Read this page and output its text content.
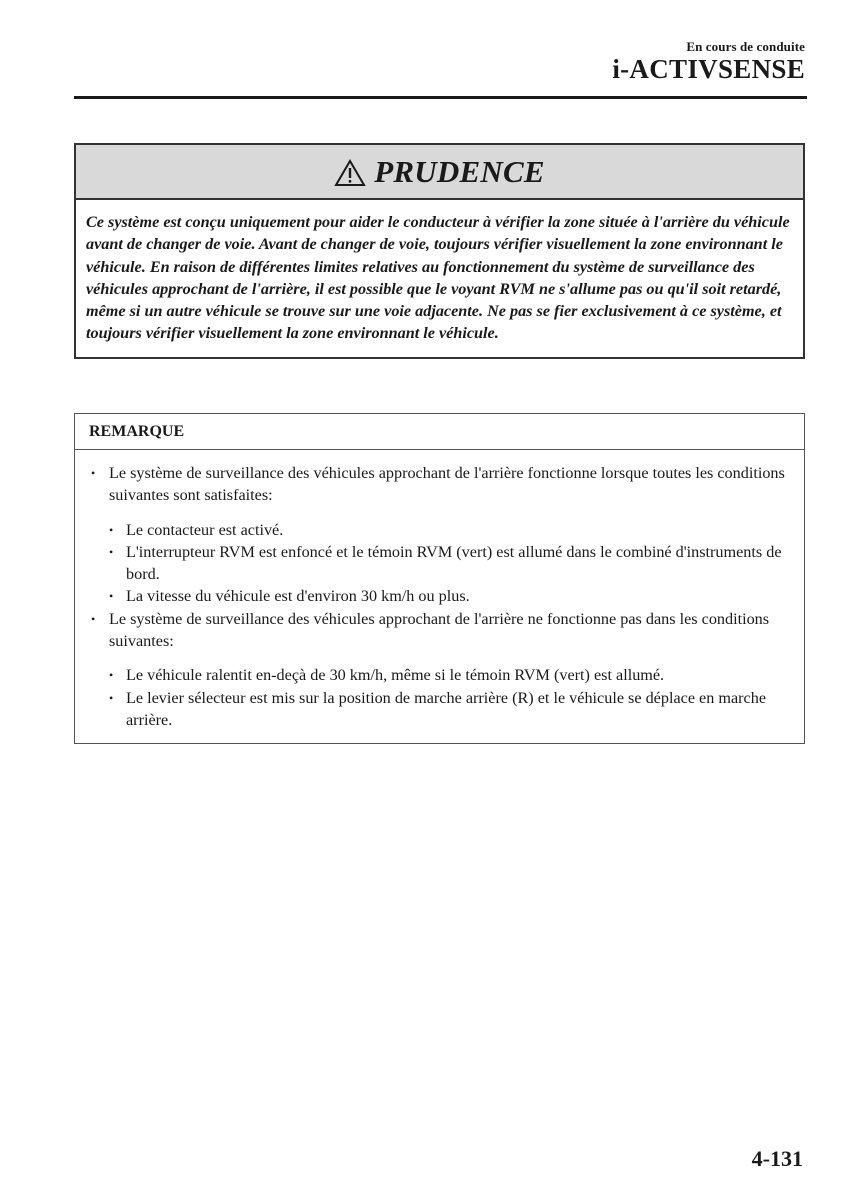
En cours de conduite
i-ACTIVSENSE
PRUDENCE
Ce système est conçu uniquement pour aider le conducteur à vérifier la zone située à l'arrière du véhicule avant de changer de voie. Avant de changer de voie, toujours vérifier visuellement la zone environnant le véhicule. En raison de différentes limites relatives au fonctionnement du système de surveillance des véhicules approchant de l'arrière, il est possible que le voyant RVM ne s'allume pas ou qu'il soit retardé, même si un autre véhicule se trouve sur une voie adjacente. Ne pas se fier exclusivement à ce système, et toujours vérifier visuellement la zone environnant le véhicule.
REMARQUE
• Le système de surveillance des véhicules approchant de l'arrière fonctionne lorsque toutes les conditions suivantes sont satisfaites:
• Le contacteur est activé.
• L'interrupteur RVM est enfoncé et le témoin RVM (vert) est allumé dans le combiné d'instruments de bord.
• La vitesse du véhicule est d'environ 30 km/h ou plus.
• Le système de surveillance des véhicules approchant de l'arrière ne fonctionne pas dans les conditions suivantes:
• Le véhicule ralentit en-deçà de 30 km/h, même si le témoin RVM (vert) est allumé.
• Le levier sélecteur est mis sur la position de marche arrière (R) et le véhicule se déplace en marche arrière.
4-131
